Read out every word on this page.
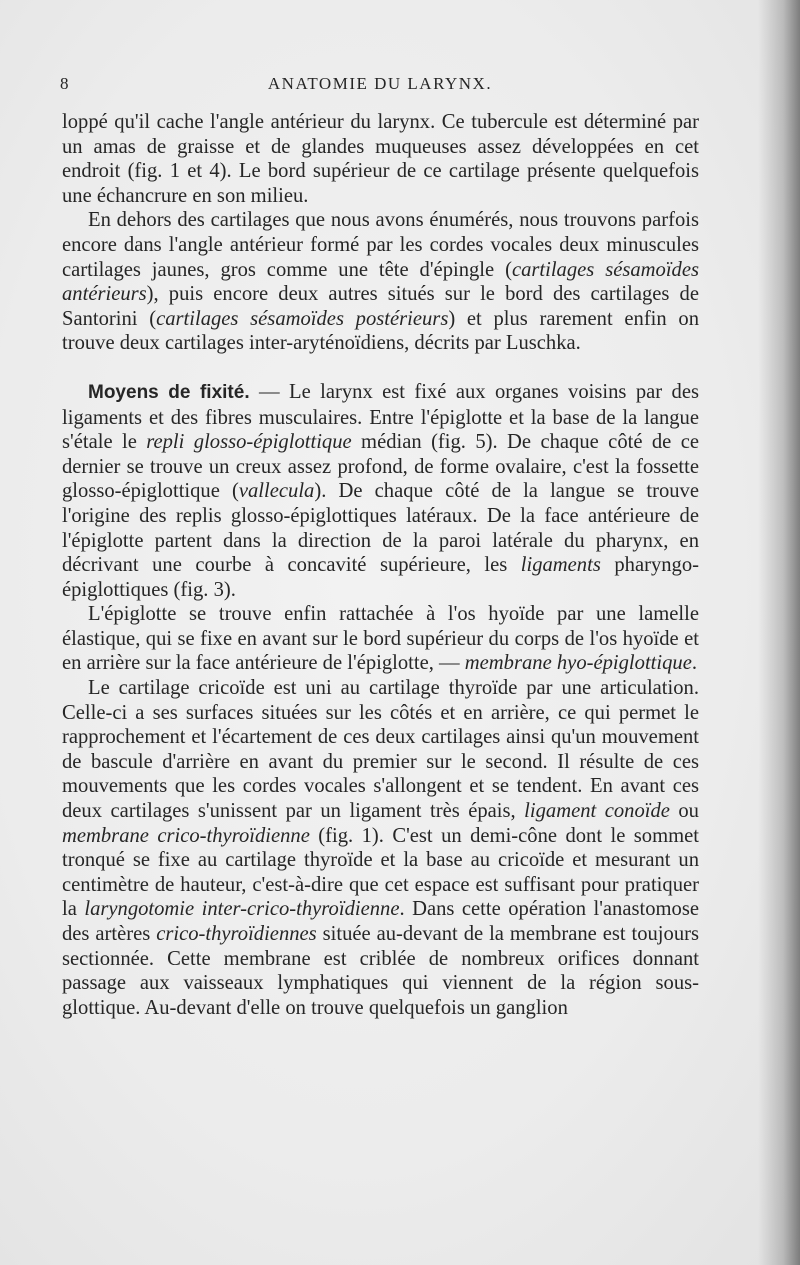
8	ANATOMIE DU LARYNX.

loppé qu'il cache l'angle antérieur du larynx. Ce tubercule est déterminé par un amas de graisse et de glandes muqueuses assez développées en cet endroit (fig. 1 et 4). Le bord supérieur de ce cartilage présente quelquefois une échancrure en son milieu.

En dehors des cartilages que nous avons énumérés, nous trouvons parfois encore dans l'angle antérieur formé par les cordes vocales deux minuscules cartilages jaunes, gros comme une tête d'épingle (cartilages sésamoïdes antérieurs), puis encore deux autres situés sur le bord des cartilages de Santorini (cartilages sésamoïdes postérieurs) et plus rarement enfin on trouve deux cartilages inter-aryténoïdiens, décrits par Luschka.

Moyens de fixité. — Le larynx est fixé aux organes voisins par des ligaments et des fibres musculaires. Entre l'épiglotte et la base de la langue s'étale le repli glosso-épiglottique médian (fig. 5). De chaque côté de ce dernier se trouve un creux assez profond, de forme ovalaire, c'est la fossette glosso-épiglottique (vallecula). De chaque côté de la langue se trouve l'origine des replis glosso-épiglottiques latéraux. De la face antérieure de l'épiglotte partent dans la direction de la paroi latérale du pharynx, en décrivant une courbe à concavité supérieure, les ligaments pharyngo-épiglottiques (fig. 3).

L'épiglotte se trouve enfin rattachée à l'os hyoïde par une lamelle élastique, qui se fixe en avant sur le bord supérieur du corps de l'os hyoïde et en arrière sur la face antérieure de l'épiglotte, — membrane hyo-épiglottique.

Le cartilage cricoïde est uni au cartilage thyroïde par une articulation. Celle-ci a ses surfaces situées sur les côtés et en arrière, ce qui permet le rapprochement et l'écartement de ces deux cartilages ainsi qu'un mouvement de bascule d'arrière en avant du premier sur le second. Il résulte de ces mouvements que les cordes vocales s'allongent et se tendent. En avant ces deux cartilages s'unissent par un ligament très épais, ligament conoïde ou membrane crico-thyroïdienne (fig. 1). C'est un demi-cône dont le sommet tronqué se fixe au cartilage thyroïde et la base au cricoïde et mesurant un centimètre de hauteur, c'est-à-dire que cet espace est suffisant pour pratiquer la laryngotomie inter-crico-thyroïdienne. Dans cette opération l'anastomose des artères crico-thyroïdiennes située au-devant de la membrane est toujours sectionnée. Cette membrane est criblée de nombreux orifices donnant passage aux vaisseaux lymphatiques qui viennent de la région sous-glottique. Au-devant d'elle on trouve quelquefois un ganglion
